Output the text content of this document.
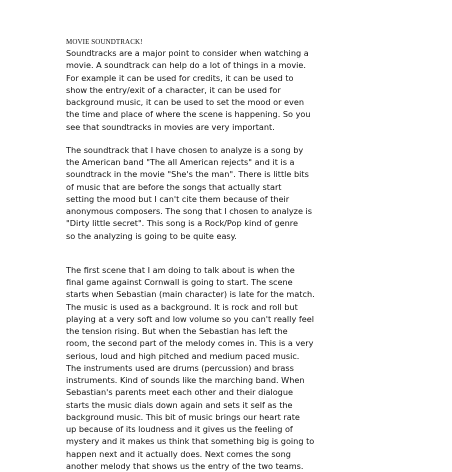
MOVIE SOUNDTRACK!

Soundtracks are a major point to consider when watching a
movie. A soundtrack can help do a lot of things in a movie.
For example it can be used for credits, it can be used to
show the entry/exit of a character, it can be used for
background music, it can be used to set the mood or even
the time and place of where the scene is happening. So you
see that soundtracks in movies are very important.

The soundtrack that I have chosen to analyze is a song by
the American band "The all American rejects" and it is a
soundtrack in the movie "She's the man". There is little bits
of music that are before the songs that actually start
setting the mood but I can't cite them because of their
anonymous composers. The song that I chosen to analyze is
"Dirty little secret". This song is a Rock/Pop kind of genre
so the analyzing is going to be quite easy.

The first scene that I am doing to talk about is when the
final game against Cornwall is going to start. The scene
starts when Sebastian (main character) is late for the match.
The music is used as a background. It is rock and roll but
playing at a very soft and low volume so you can't really feel
the tension rising. But when the Sebastian has left the
room, the second part of the melody comes in. This is a very
serious, loud and high pitched and medium paced music.
The instruments used are drums (percussion) and brass
instruments. Kind of sounds like the marching band. When
Sebastian's parents meet each other and their dialogue
starts the music dials down again and sets it self as the
background music. This bit of music brings our heart rate
up because of its loudness and it gives us the feeling of
mystery and it makes us think that something big is going to
happen next and it actually does. Next comes the song
another melody that shows us the entry of the two teams.
